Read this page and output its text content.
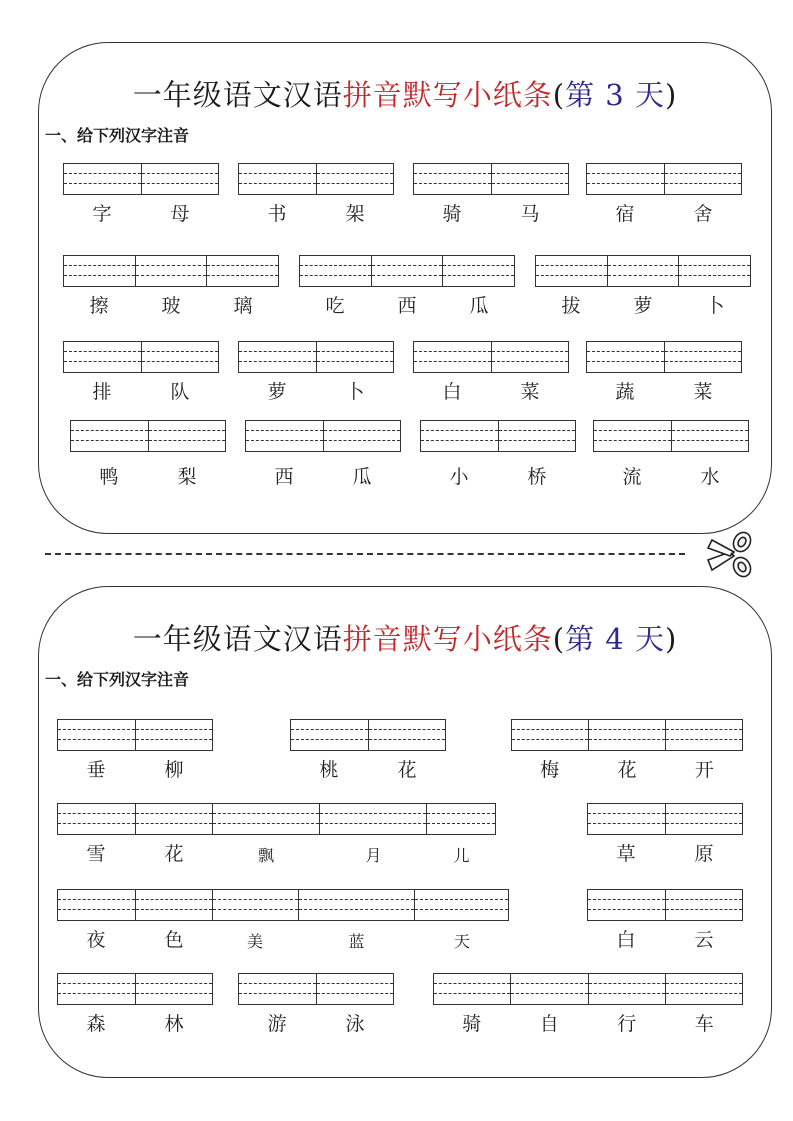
一年级语文汉语拼音默写小纸条(第 3 天)
一、给下列汉字注音
字	母	书	架	骑	马	宿	舍
擦	玻	璃	吃	西	瓜	拔	萝	卜
排	队	萝	卜	白	菜	蔬	菜
鸭	梨	西	瓜	小	桥	流	水
一年级语文汉语拼音默写小纸条(第 4 天)
一、给下列汉字注音
垂	柳	桃	花	梅	花	开
雪	花	飘	月	儿	草	原
夜	色	美	蓝	天	白	云
森	林	游	泳	骑	自	行	车
